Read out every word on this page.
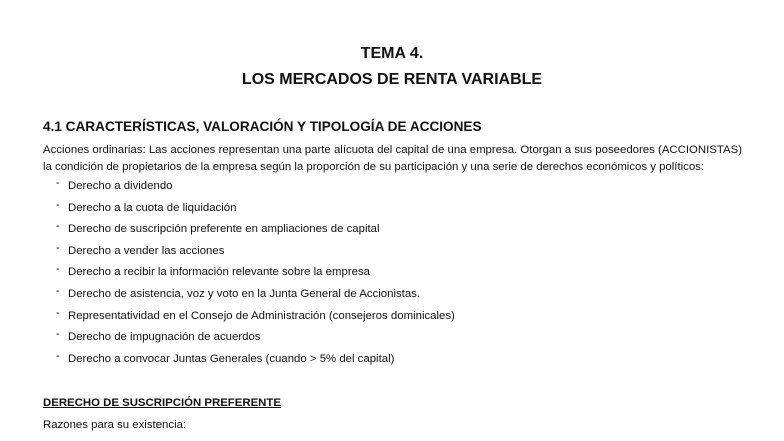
TEMA 4.
LOS MERCADOS DE RENTA VARIABLE
4.1 CARACTERÍSTICAS, VALORACIÓN Y TIPOLOGÍA DE ACCIONES

Acciones ordinarias: Las acciones representan una parte alícuota del capital de una empresa. Otorgan a sus poseedores (ACCIONISTAS) la condición de propietarios de la empresa según la proporción de su participación y una serie de derechos económicos y políticos:

- Derecho a dividendo
- Derecho a la cuota de liquidación
- Derecho de suscripción preferente en ampliaciones de capital
- Derecho a vender las acciones
- Derecho a recibir la información relevante sobre la empresa
- Derecho de asistencia, voz y voto en la Junta General de Accionistas.
- Representatividad en el Consejo de Administración (consejeros dominicales)
- Derecho de impugnación de acuerdos
- Derecho a convocar Juntas Generales (cuando > 5% del capital)
DERECHO DE SUSCRIPCIÓN PREFERENTE

Razones para su existencia:
